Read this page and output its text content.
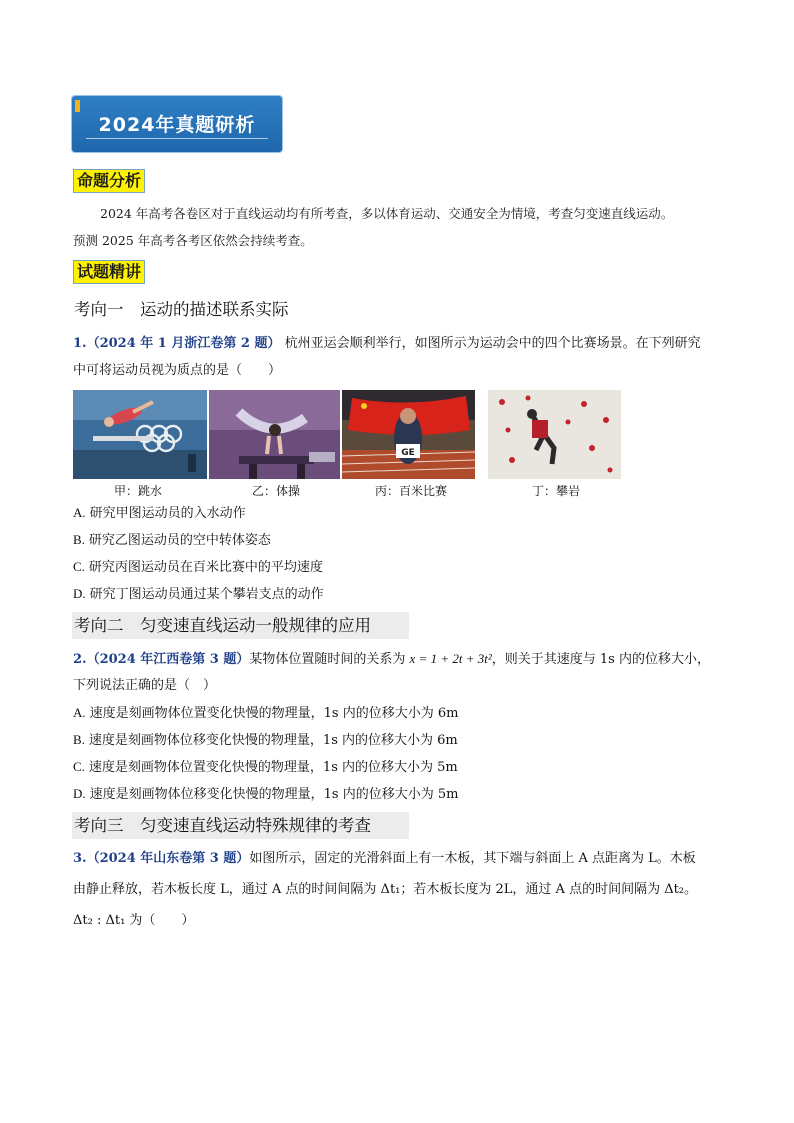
2024年真题研析
命题分析
2024 年高考各卷区对于直线运动均有所考查，多以体育运动、交通安全为情境，考查匀变速直线运动。
预测 2025 年高考各考区依然会持续考查。
试题精讲
考向一　运动的描述联系实际
1.（2024 年 1 月浙江卷第 2 题） 杭州亚运会顺利举行，如图所示为运动会中的四个比赛场景。在下列研究
中可将运动员视为质点的是（　　）
GE
甲：跳水	乙：体操	丙：百米比赛	丁：攀岩
A. 研究甲图运动员的入水动作
B. 研究乙图运动员的空中转体姿态
C. 研究丙图运动员在百米比赛中的平均速度
D. 研究丁图运动员通过某个攀岩支点的动作
考向二　匀变速直线运动一般规律的应用
2.（2024 年江西卷第 3 题）某物体位置随时间的关系为 x = 1 + 2t + 3t²，则关于其速度与 1s 内的位移大小，
下列说法正确的是（　）
A. 速度是刻画物体位置变化快慢的物理量，1s 内的位移大小为 6m
B. 速度是刻画物体位移变化快慢的物理量，1s 内的位移大小为 6m
C. 速度是刻画物体位置变化快慢的物理量，1s 内的位移大小为 5m
D. 速度是刻画物体位移变化快慢的物理量，1s 内的位移大小为 5m
考向三　匀变速直线运动特殊规律的考查
3.（2024 年山东卷第 3 题）如图所示，固定的光滑斜面上有一木板，其下端与斜面上 A 点距离为 L。木板
由静止释放，若木板长度 L，通过 A 点的时间间隔为 Δt₁；若木板长度为 2L，通过 A 点的时间间隔为 Δt₂。
Δt₂ : Δt₁ 为（　　）
